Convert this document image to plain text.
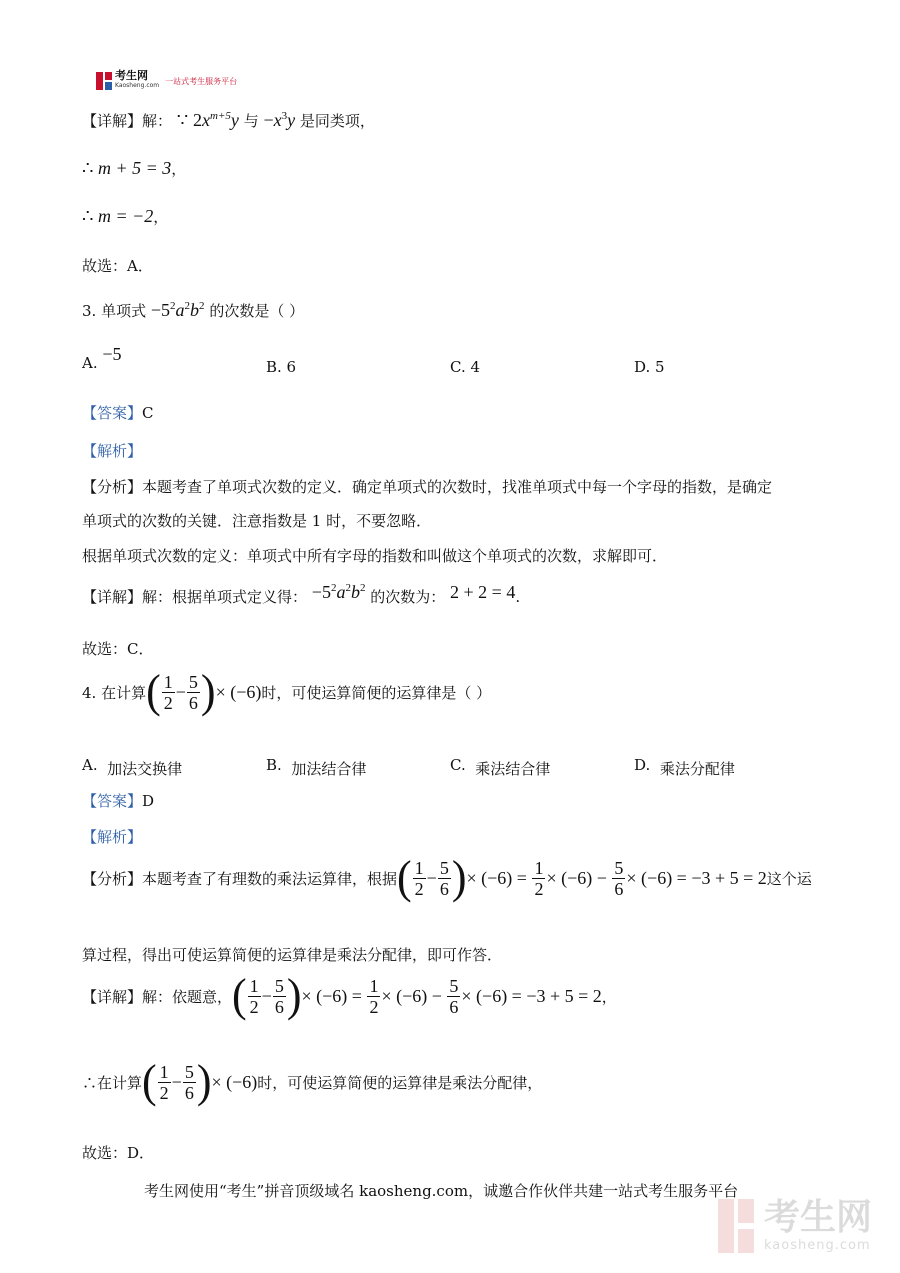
考生网
Kaosheng.com 一站式考生服务平台
【详解】解： ∵ $2x^{m+5}y$ 与 $-x^3y$ 是同类项，
∴ m + 5 = 3，
∴ m = −2，
故选：A．
3. 单项式 $-5^2a^2b^2$ 的次数是（ ）
A. −5
B. 6	C. 4	D. 5
【答案】C
【解析】
【分析】本题考查了单项式次数的定义．确定单项式的次数时，找准单项式中每一个字母的指数，是确定
单项式的次数的关键．注意指数是 1 时，不要忽略．
根据单项式次数的定义：单项式中所有字母的指数和叫做这个单项式的次数，求解即可．
【详解】解：根据单项式定义得： $-5^2a^2b^2$ 的次数为： 2 + 2 = 4.
故选：C．
4. 在计算 ( $\frac{1}{2} - \frac{5}{6}$ ) × (−6) 时，可使运算简便的运算律是（ ）
A. 加法交换律	B. 加法结合律	C. 乘法结合律	D. 乘法分配律
【答案】D
【解析】
【分析】本题考查了有理数的乘法运算律，根据 ( $\frac{1}{2} - \frac{5}{6}$ ) × (−6)
=
$\frac{1}{2} \times (-6)$ −
$\frac{5}{6} \times (-6) = -3 + 5 = 2$ 这个运
算过程，得出可使运算简便的运算律是乘法分配律，即可作答．
【详解】解：依题意， ( $\frac{1}{2} - \frac{5}{6}$ ) × (−6)
=
$\frac{1}{2} \times (-6)$ −
$\frac{5}{6} \times (-6) = -3 + 5 = 2$ ，
∴在计算 ( $\frac{1}{2} - \frac{5}{6}$ ) × (−6) 时，可使运算简便的运算律是乘法分配律，
故选：D．
考生网使用“考生”拼音顶级域名 kaosheng.com，诚邀合作伙伴共建一站式考生服务平台
考生网
kaosheng.com
